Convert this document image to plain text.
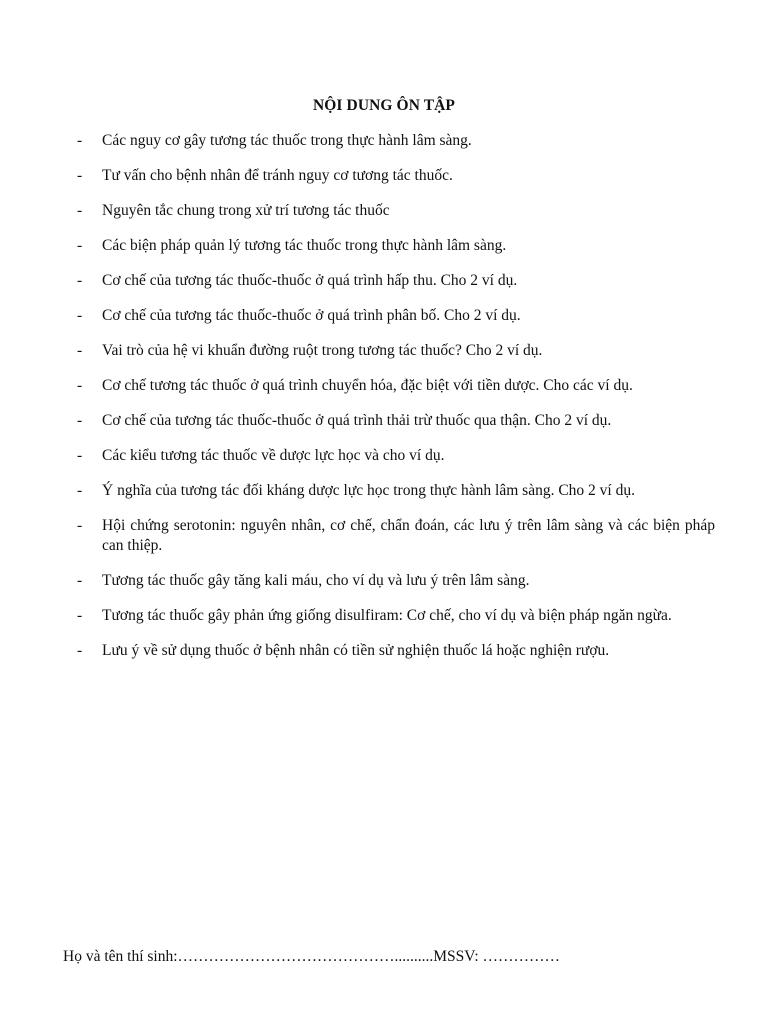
NỘI DUNG ÔN TẬP
-	Các nguy cơ gây tương tác thuốc trong thực hành lâm sàng.
-	Tư vấn cho bệnh nhân để tránh nguy cơ tương tác thuốc.
-	Nguyên tắc chung trong xử trí tương tác thuốc
-	Các biện pháp quản lý tương tác thuốc trong thực hành lâm sàng.
-	Cơ chế của tương tác thuốc-thuốc ở quá trình hấp thu. Cho 2 ví dụ.
-	Cơ chế của tương tác thuốc-thuốc ở quá trình phân bố. Cho 2 ví dụ.
-	Vai trò của hệ vi khuẩn đường ruột trong tương tác thuốc? Cho 2 ví dụ.
-	Cơ chế tương tác thuốc ở quá trình chuyển hóa, đặc biệt với tiền dược. Cho các ví dụ.
-	Cơ chế của tương tác thuốc-thuốc ở quá trình thải trừ thuốc qua thận. Cho 2 ví dụ.
-	Các kiểu tương tác thuốc về dược lực học và cho ví dụ.
-	Ý nghĩa của tương tác đối kháng dược lực học trong thực hành lâm sàng. Cho 2 ví dụ.
-	Hội chứng serotonin: nguyên nhân, cơ chế, chẩn đoán, các lưu ý trên lâm sàng và các biện pháp can thiệp.
-	Tương tác thuốc gây tăng kali máu, cho ví dụ và lưu ý trên lâm sàng.
-	Tương tác thuốc gây phản ứng giống disulfiram: Cơ chế, cho ví dụ và biện pháp ngăn ngừa.
-	Lưu ý về sử dụng thuốc ở bệnh nhân có tiền sử nghiện thuốc lá hoặc nghiện rượu.
Họ và tên thí sinh:……………………………………..........MSSV: ……………
